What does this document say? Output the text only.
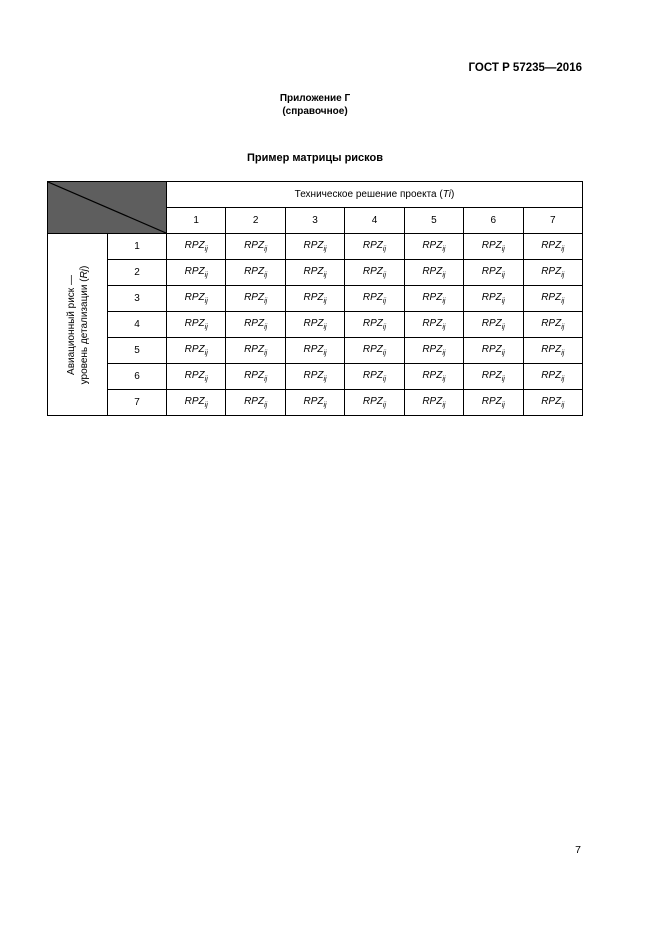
ГОСТ Р 57235—2016
Приложение Г
(справочное)
Пример матрицы рисков
	Техническое решение проекта (Ti)						
		1	2	3	4	5	6	7

Авиационный риск — уровень детализации (Rj)	1	$RPZ_{ij}$	$RPZ_{ij}$	$RPZ_{ij}$	$RPZ_{ij}$	$RPZ_{ij}$	$RPZ_{ij}$	$RPZ_{ij}$
	2	$RPZ_{ij}$	$RPZ_{ij}$	$RPZ_{ij}$	$RPZ_{ij}$	$RPZ_{ij}$	$RPZ_{ij}$	$RPZ_{ij}$
	3	$RPZ_{ij}$	$RPZ_{ij}$	$RPZ_{ij}$	$RPZ_{ij}$	$RPZ_{ij}$	$RPZ_{ij}$	$RPZ_{ij}$
	4	$RPZ_{ij}$	$RPZ_{ij}$	$RPZ_{ij}$	$RPZ_{ij}$	$RPZ_{ij}$	$RPZ_{ij}$	$RPZ_{ij}$
	5	$RPZ_{ij}$	$RPZ_{ij}$	$RPZ_{ij}$	$RPZ_{ij}$	$RPZ_{ij}$	$RPZ_{ij}$	$RPZ_{ij}$
	6	$RPZ_{ij}$	$RPZ_{ij}$	$RPZ_{ij}$	$RPZ_{ij}$	$RPZ_{ij}$	$RPZ_{ij}$	$RPZ_{ij}$
	7	$RPZ_{ij}$	$RPZ_{ij}$	$RPZ_{ij}$	$RPZ_{ij}$	$RPZ_{ij}$	$RPZ_{ij}$	$RPZ_{ij}$
7
